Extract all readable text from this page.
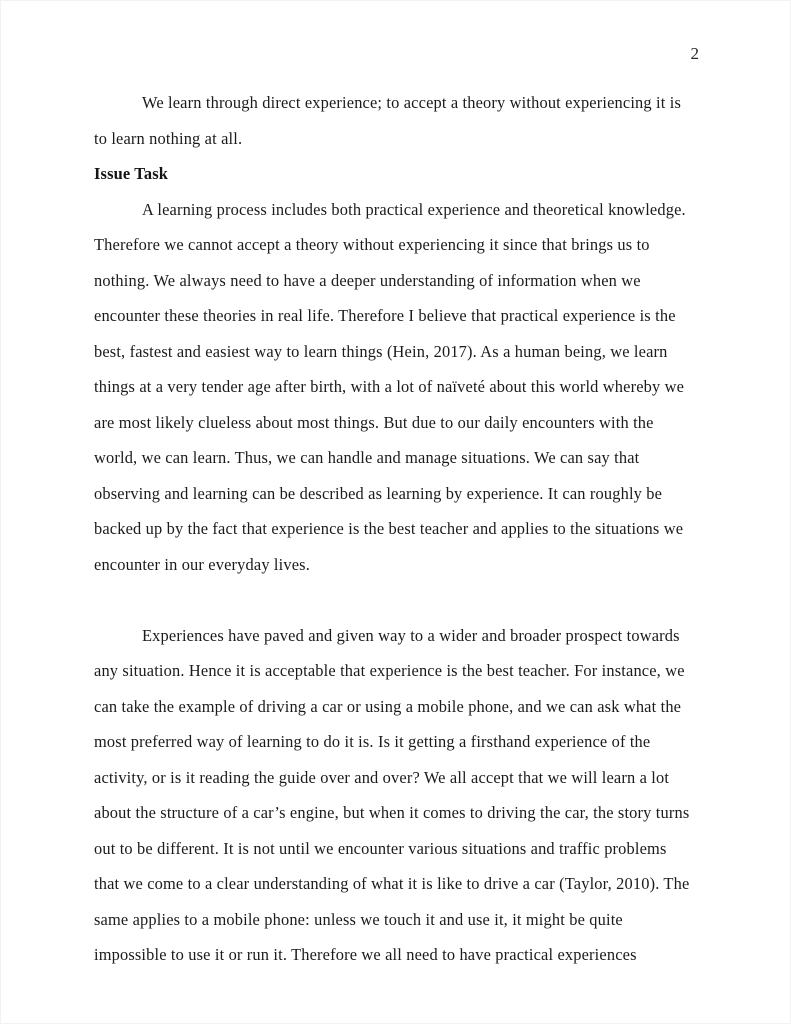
2

We learn through direct experience; to accept a theory without experiencing it is to learn nothing at all.

Issue Task

A learning process includes both practical experience and theoretical knowledge. Therefore we cannot accept a theory without experiencing it since that brings us to nothing. We always need to have a deeper understanding of information when we encounter these theories in real life. Therefore I believe that practical experience is the best, fastest and easiest way to learn things (Hein, 2017). As a human being, we learn things at a very tender age after birth, with a lot of naïveté about this world whereby we are most likely clueless about most things. But due to our daily encounters with the world, we can learn. Thus, we can handle and manage situations. We can say that observing and learning can be described as learning by experience. It can roughly be backed up by the fact that experience is the best teacher and applies to the situations we encounter in our everyday lives.

Experiences have paved and given way to a wider and broader prospect towards any situation. Hence it is acceptable that experience is the best teacher. For instance, we can take the example of driving a car or using a mobile phone, and we can ask what the most preferred way of learning to do it is. Is it getting a firsthand experience of the activity, or is it reading the guide over and over? We all accept that we will learn a lot about the structure of a car’s engine, but when it comes to driving the car, the story turns out to be different. It is not until we encounter various situations and traffic problems that we come to a clear understanding of what it is like to drive a car (Taylor, 2010). The same applies to a mobile phone: unless we touch it and use it, it might be quite impossible to use it or run it. Therefore we all need to have practical experiences
